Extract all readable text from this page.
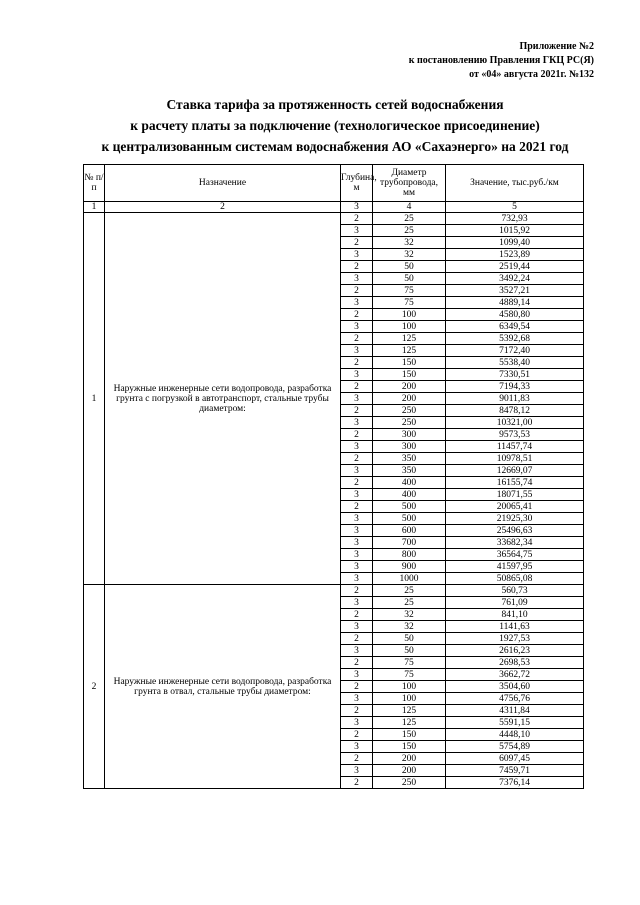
Приложение №2
к постановлению Правления ГКЦ РС(Я)
от «04» августа 2021г. №132
Ставка тарифа за протяженность сетей водоснабжения
к расчету платы за подключение (технологическое присоединение)
к централизованным системам водоснабжения АО «Сахаэнерго» на 2021 год
№ п/п	Назначение	Глубина, м	Диаметр трубопровода, мм	Значение, тыс.руб./км
1	2	3	4	5
1	Наружные инженерные сети водопровода, разработка грунта с погрузкой в автотранспорт, стальные трубы диаметром:	2	25	732,93
		3	25	1015,92
		2	32	1099,40
		3	32	1523,89
		2	50	2519,44
		3	50	3492,24
		2	75	3527,21
		3	75	4889,14
		2	100	4580,80
		3	100	6349,54
		2	125	5392,68
		3	125	7172,40
		2	150	5538,40
		3	150	7330,51
		2	200	7194,33
		3	200	9011,83
		2	250	8478,12
		3	250	10321,00
		2	300	9573,53
		3	300	11457,74
		2	350	10978,51
		3	350	12669,07
		2	400	16155,74
		3	400	18071,55
		2	500	20065,41
		3	500	21925,30
		3	600	25496,63
		3	700	33682,34
		3	800	36564,75
		3	900	41597,95
		3	1000	50865,08
2	Наружные инженерные сети водопровода, разработка грунта в отвал, стальные трубы диаметром:	2	25	560,73
		3	25	761,09
		2	32	841,10
		3	32	1141,63
		2	50	1927,53
		3	50	2616,23
		2	75	2698,53
		3	75	3662,72
		2	100	3504,60
		3	100	4756,76
		2	125	4311,84
		3	125	5591,15
		2	150	4448,10
		3	150	5754,89
		2	200	6097,45
		3	200	7459,71
		2	250	7376,14
